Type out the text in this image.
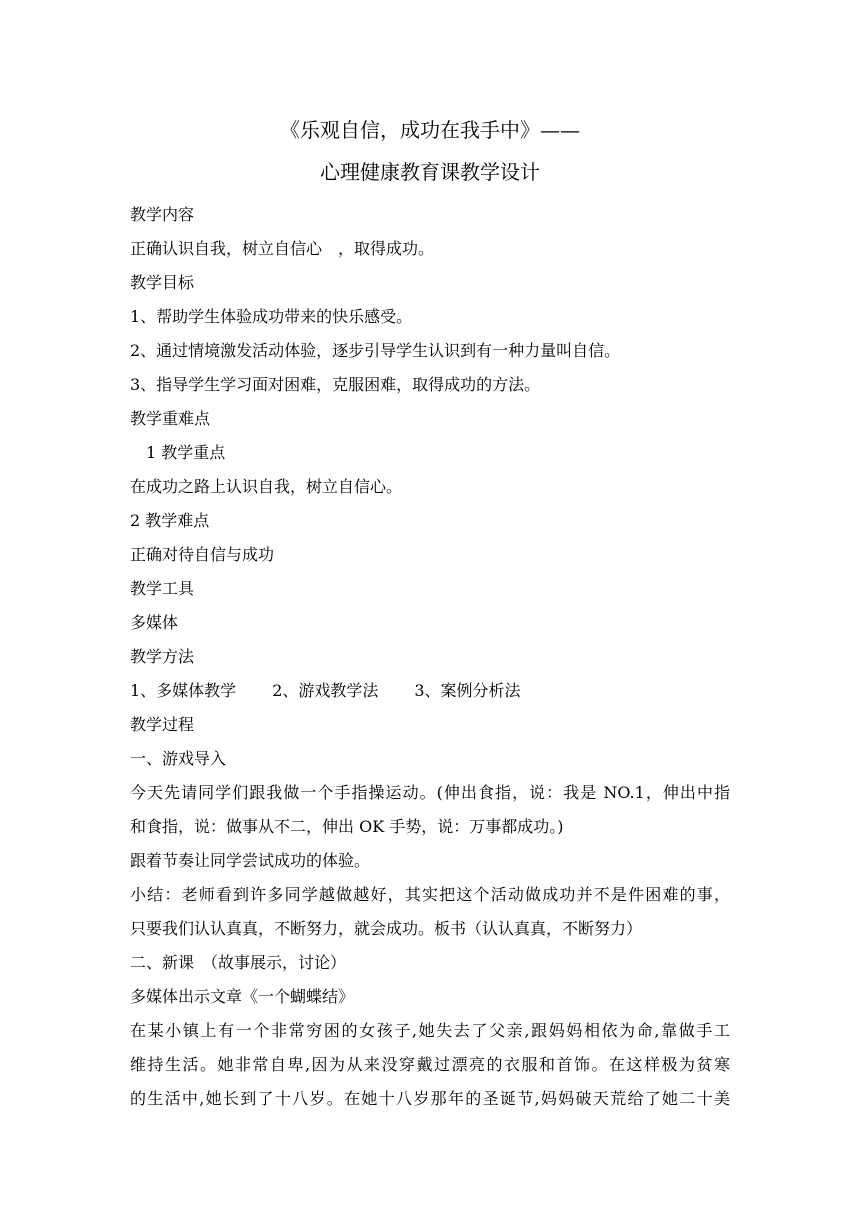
《乐观自信，成功在我手中》——
心理健康教育课教学设计
教学内容
正确认识自我，树立自信心　，取得成功。
教学目标
1、帮助学生体验成功带来的快乐感受。
2、通过情境激发活动体验，逐步引导学生认识到有一种力量叫自信。
3、指导学生学习面对困难，克服困难，取得成功的方法。
教学重难点
1 教学重点
在成功之路上认识自我，树立自信心。
2 教学难点
正确对待自信与成功
教学工具
多媒体
教学方法
1、多媒体教学 2、游戏教学法 3、案例分析法
教学过程
一、游戏导入
今天先请同学们跟我做一个手指操运动。(伸出食指，说：我是 NO.1，伸出中指
和食指，说：做事从不二，伸出 OK 手势，说：万事都成功。)
跟着节奏让同学尝试成功的体验。
小结：老师看到许多同学越做越好，其实把这个活动做成功并不是件困难的事，
只要我们认认真真，不断努力，就会成功。板书（认认真真，不断努力）
二、新课　（故事展示，讨论）
多媒体出示文章《一个蝴蝶结》
在某小镇上有一个非常穷困的女孩子,她失去了父亲,跟妈妈相依为命,靠做手工
维持生活。她非常自卑,因为从来没穿戴过漂亮的衣服和首饰。在这样极为贫寒
的生活中,她长到了十八岁。在她十八岁那年的圣诞节,妈妈破天荒给了她二十美
